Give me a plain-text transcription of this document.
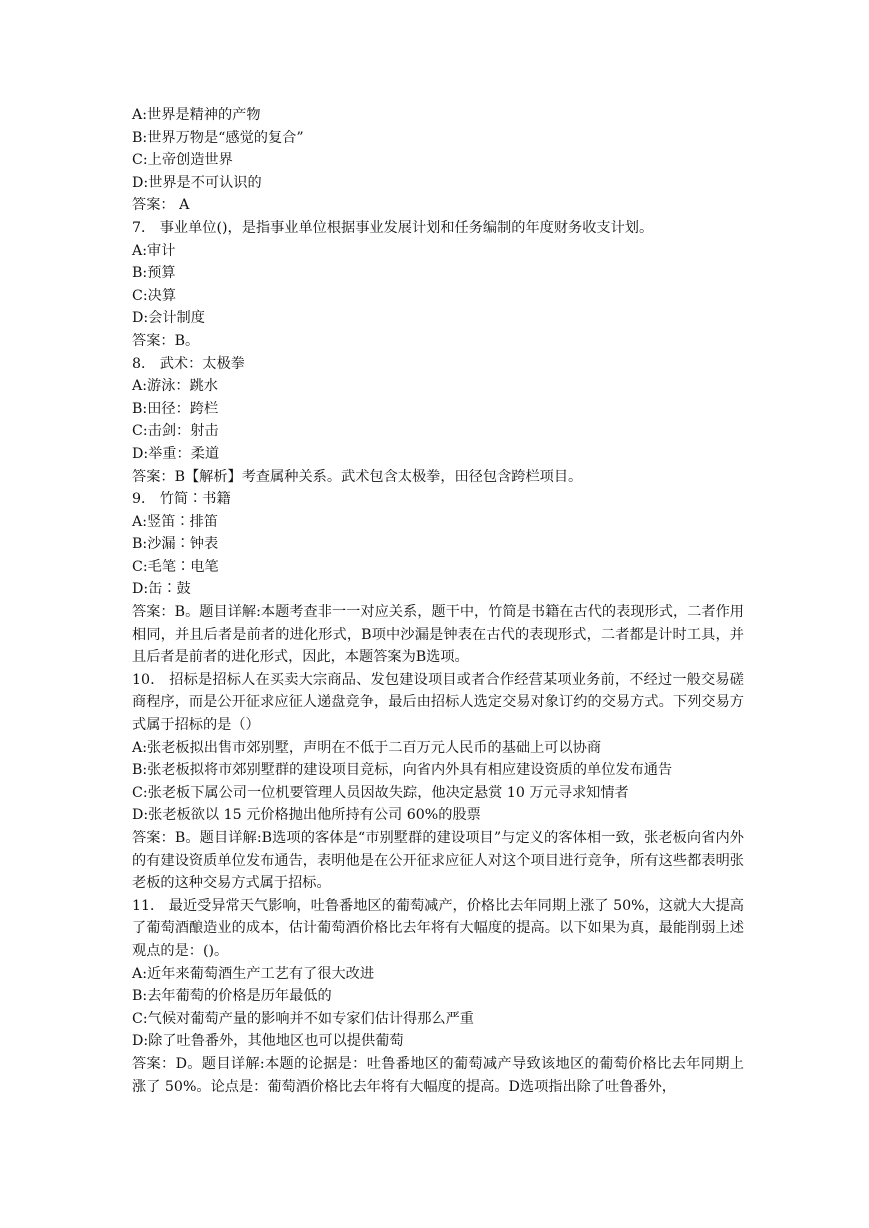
A:世界是精神的产物
B:世界万物是“感觉的复合”
C:上帝创造世界
D:世界是不可认识的
答案： A
7． 事业单位()，是指事业单位根据事业发展计划和任务编制的年度财务收支计划。
A:审计
B:预算
C:决算
D:会计制度
答案：B。
8． 武术：太极拳
A:游泳：跳水
B:田径：跨栏
C:击剑：射击
D:举重：柔道
答案：B【解析】考查属种关系。武术包含太极拳，田径包含跨栏项目。
9． 竹简∶书籍
A:竖笛∶排笛
B:沙漏∶钟表
C:毛笔∶电笔
D:缶∶鼓
答案：B。题目详解:本题考查非一一对应关系，题干中，竹简是书籍在古代的表现形式，二者作用相同，并且后者是前者的进化形式，B项中沙漏是钟表在古代的表现形式，二者都是计时工具，并且后者是前者的进化形式，因此，本题答案为B选项。
10． 招标是招标人在买卖大宗商品、发包建设项目或者合作经营某项业务前，不经过一般交易磋商程序，而是公开征求应征人递盘竞争，最后由招标人选定交易对象订约的交易方式。下列交易方式属于招标的是（）
A:张老板拟出售市郊别墅，声明在不低于二百万元人民币的基础上可以协商
B:张老板拟将市郊别墅群的建设项目竞标，向省内外具有相应建设资质的单位发布通告
C:张老板下属公司一位机要管理人员因故失踪，他决定悬赏 10 万元寻求知情者
D:张老板欲以 15 元价格抛出他所持有公司 60%的股票
答案：B。题目详解:B选项的客体是“市别墅群的建设项目”与定义的客体相一致，张老板向省内外的有建设资质单位发布通告，表明他是在公开征求应征人对这个项目进行竞争，所有这些都表明张老板的这种交易方式属于招标。
11． 最近受异常天气影响，吐鲁番地区的葡萄减产，价格比去年同期上涨了 50%，这就大大提高了葡萄酒酿造业的成本，估计葡萄酒价格比去年将有大幅度的提高。以下如果为真，最能削弱上述观点的是：()。
A:近年来葡萄酒生产工艺有了很大改进
B:去年葡萄的价格是历年最低的
C:气候对葡萄产量的影响并不如专家们估计得那么严重
D:除了吐鲁番外，其他地区也可以提供葡萄
答案：D。题目详解:本题的论据是：吐鲁番地区的葡萄减产导致该地区的葡萄价格比去年同期上涨了 50%。论点是：葡萄酒价格比去年将有大幅度的提高。D选项指出除了吐鲁番外，
